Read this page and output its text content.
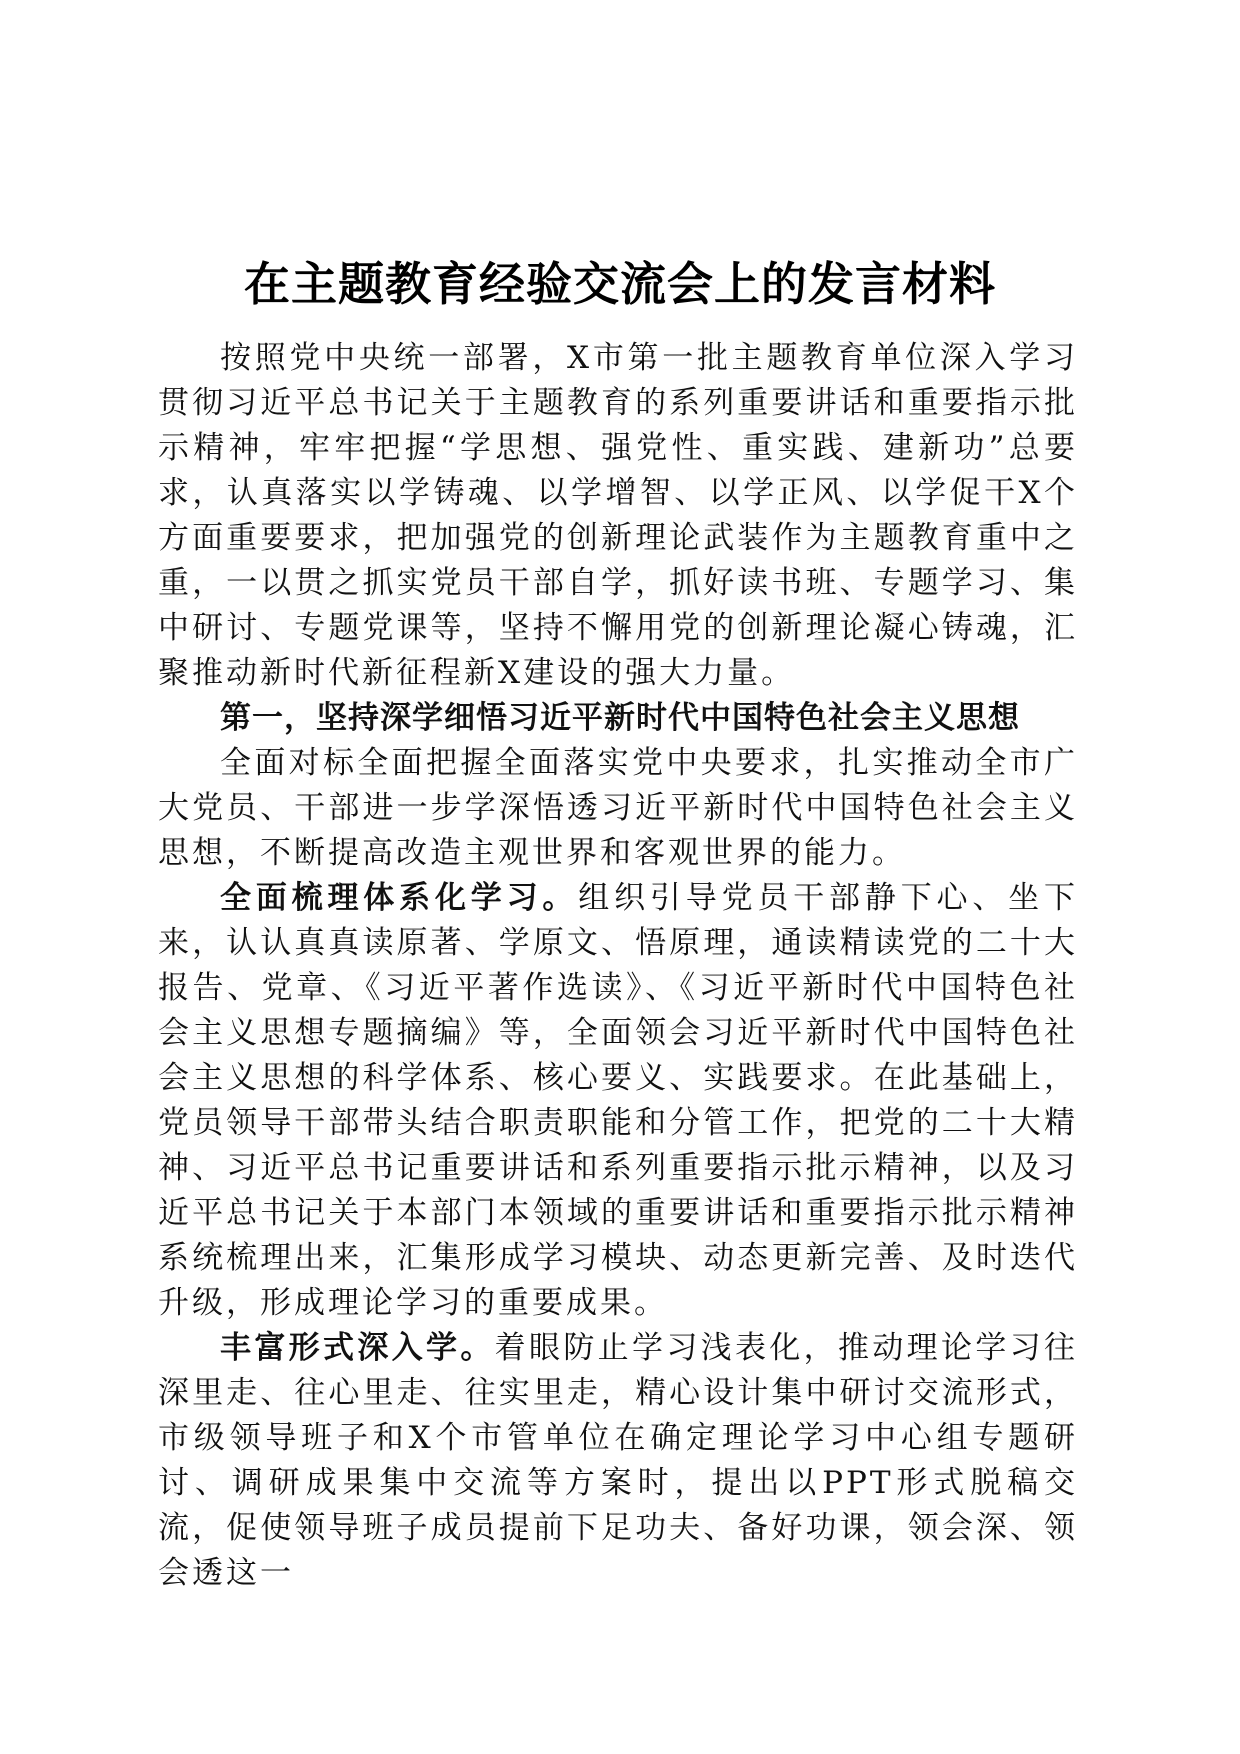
在主题教育经验交流会上的发言材料

按照党中央统一部署，X市第一批主题教育单位深入学习贯彻习近平总书记关于主题教育的系列重要讲话和重要指示批示精神，牢牢把握“学思想、强党性、重实践、建新功”总要求，认真落实以学铸魂、以学增智、以学正风、以学促干X个方面重要要求，把加强党的创新理论武装作为主题教育重中之重，一以贯之抓实党员干部自学，抓好读书班、专题学习、集中研讨、专题党课等，坚持不懈用党的创新理论凝心铸魂，汇聚推动新时代新征程新X建设的强大力量。

第一，坚持深学细悟习近平新时代中国特色社会主义思想

全面对标全面把握全面落实党中央要求，扎实推动全市广大党员、干部进一步学深悟透习近平新时代中国特色社会主义思想，不断提高改造主观世界和客观世界的能力。

全面梳理体系化学习。组织引导党员干部静下心、坐下来，认认真真读原著、学原文、悟原理，通读精读党的二十大报告、党章、《习近平著作选读》、《习近平新时代中国特色社会主义思想专题摘编》等，全面领会习近平新时代中国特色社会主义思想的科学体系、核心要义、实践要求。在此基础上，党员领导干部带头结合职责职能和分管工作，把党的二十大精神、习近平总书记重要讲话和系列重要指示批示精神，以及习近平总书记关于本部门本领域的重要讲话和重要指示批示精神系统梳理出来，汇集形成学习模块、动态更新完善、及时迭代升级，形成理论学习的重要成果。

丰富形式深入学。着眼防止学习浅表化，推动理论学习往深里走、往心里走、往实里走，精心设计集中研讨交流形式，市级领导班子和X个市管单位在确定理论学习中心组专题研讨、调研成果集中交流等方案时，提出以PPT形式脱稿交流，促使领导班子成员提前下足功夫、备好功课，领会深、领会透这一
